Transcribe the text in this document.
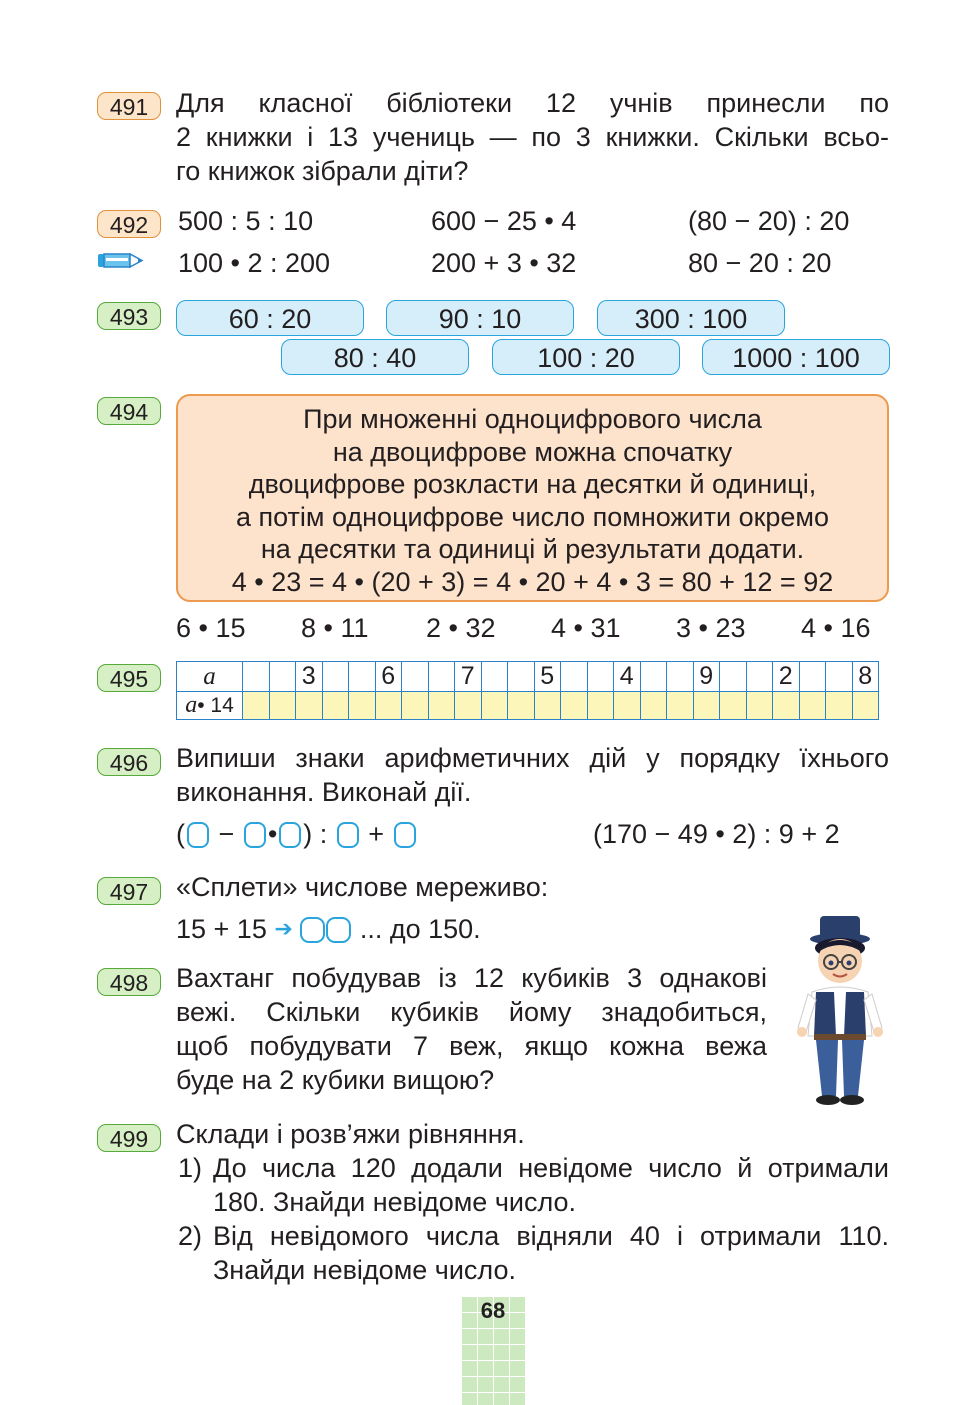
491	Для класної бібліотеки 12 учнів принесли по
2 книжки і 13 учениць — по 3 книжки. Скільки всьо-
го книжок зібрали діти?
492	500 : 5 : 10	600 − 25 • 4	(80 − 20) : 20
100 • 2 : 200	200 + 3 • 32	80 − 20 : 20
493	60 : 20	90 : 10	300 : 100
80 : 40	100 : 20	1000 : 100
494	При множенні одноцифрового числа
на двоцифрове можна спочатку
двоцифрове розкласти на десятки й одиниці,
а потім одноцифрове число помножити окремо
на десятки та одиниці й результати додати.
4 • 23 = 4 • (20 + 3) = 4 • 20 + 4 • 3 = 80 + 12 = 92
6 • 15 8 • 11 2 • 32 4 • 31 3 • 23 4 • 16
495	a			3			6			7			5			4			9			2			8
a• 14																								
496	Випиши знаки арифметичних дій у порядку їхнього
виконання. Виконай дії.
( − • ) : +	(170 − 49 • 2) : 9 + 2
497	«Сплети» числове мереживо:
15 + 15 ➔ ... до 150.
498	Вахтанг побудував із 12 кубиків 3 однакові
вежі. Скільки кубиків йому знадобиться,
щоб побудувати 7 веж, якщо кожна вежа
буде на 2 кубики вищою?
499	Склади і розв’яжи рівняння.
1) До числа 120 додали невідоме число й отримали
180. Знайди невідоме число.
2) Від невідомого числа відняли 40 і отримали 110.
Знайди невідоме число.
68
